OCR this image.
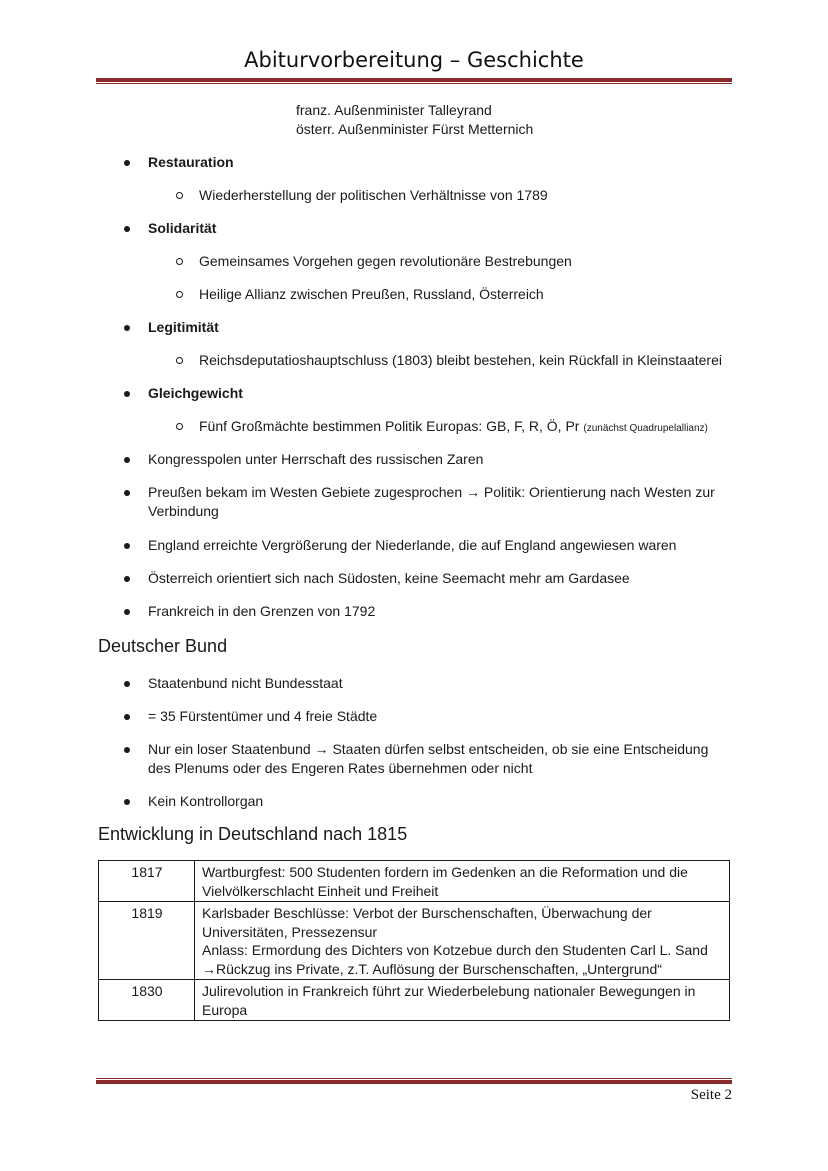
Abiturvorbereitung – Geschichte
franz. Außenminister Talleyrand
österr. Außenminister Fürst Metternich
Restauration
Wiederherstellung der politischen Verhältnisse von 1789
Solidarität
Gemeinsames Vorgehen gegen revolutionäre Bestrebungen
Heilige Allianz zwischen Preußen, Russland, Österreich
Legitimität
Reichsdeputatioshauptschluss (1803) bleibt bestehen, kein Rückfall in Kleinstaaterei
Gleichgewicht
Fünf Großmächte bestimmen Politik Europas: GB, F, R, Ö, Pr (zunächst Quadrupelallianz)
Kongresspolen unter Herrschaft des russischen Zaren
Preußen bekam im Westen Gebiete zugesprochen → Politik: Orientierung nach Westen zur Verbindung
England erreichte Vergrößerung der Niederlande, die auf England angewiesen waren
Österreich orientiert sich nach Südosten, keine Seemacht mehr am Gardasee
Frankreich in den Grenzen von 1792
Deutscher Bund
Staatenbund nicht Bundesstaat
= 35 Fürstentümer und 4 freie Städte
Nur ein loser Staatenbund → Staaten dürfen selbst entscheiden, ob sie eine Entscheidung des Plenums oder des Engeren Rates übernehmen oder nicht
Kein Kontrollorgan
Entwicklung in Deutschland nach 1815
1817	Wartburgfest: 500 Studenten fordern im Gedenken an die Reformation und die Vielvölkerschlacht Einheit und Freiheit
1819	Karlsbader Beschlüsse: Verbot der Burschenschaften, Überwachung der Universitäten, Pressezensur
Anlass: Ermordung des Dichters von Kotzebue durch den Studenten Carl L. Sand
→Rückzug ins Private, z.T. Auflösung der Burschenschaften, „Untergrund“

1830	Julirevolution in Frankreich führt zur Wiederbelebung nationaler Bewegungen in Europa
Seite 2
